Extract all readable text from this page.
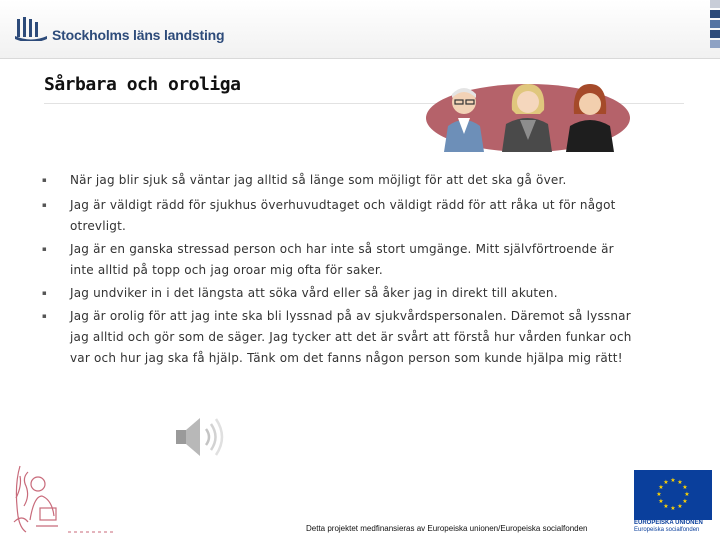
Stockholms läns landsting
Sårbara och oroliga
▪ När jag blir sjuk så väntar jag alltid så länge som möjligt för att det ska gå över.
▪ Jag är väldigt rädd för sjukhus överhuvudtaget och väldigt rädd för att råka ut för något otrevligt.
▪ Jag är en ganska stressad person och har inte så stort umgänge. Mitt självförtroende är inte alltid på topp och jag oroar mig ofta för saker.
▪ Jag undviker in i det längsta att söka vård eller så åker jag in direkt till akuten.
▪ Jag är orolig för att jag inte ska bli lyssnad på av sjukvårdspersonalen. Däremot så lyssnar jag alltid och gör som de säger. Jag tycker att det är svårt att förstå hur vården funkar och var och hur jag ska få hjälp. Tänk om det fanns någon person som kunde hjälpa mig rätt!
Detta projektet medfinansieras av Europeiska unionen/Europeiska socialfonden
★ ★
★
★
★
★
★
★
★
★
★
★
EUROPEISKA UNIONEN
Europeiska socialfonden
